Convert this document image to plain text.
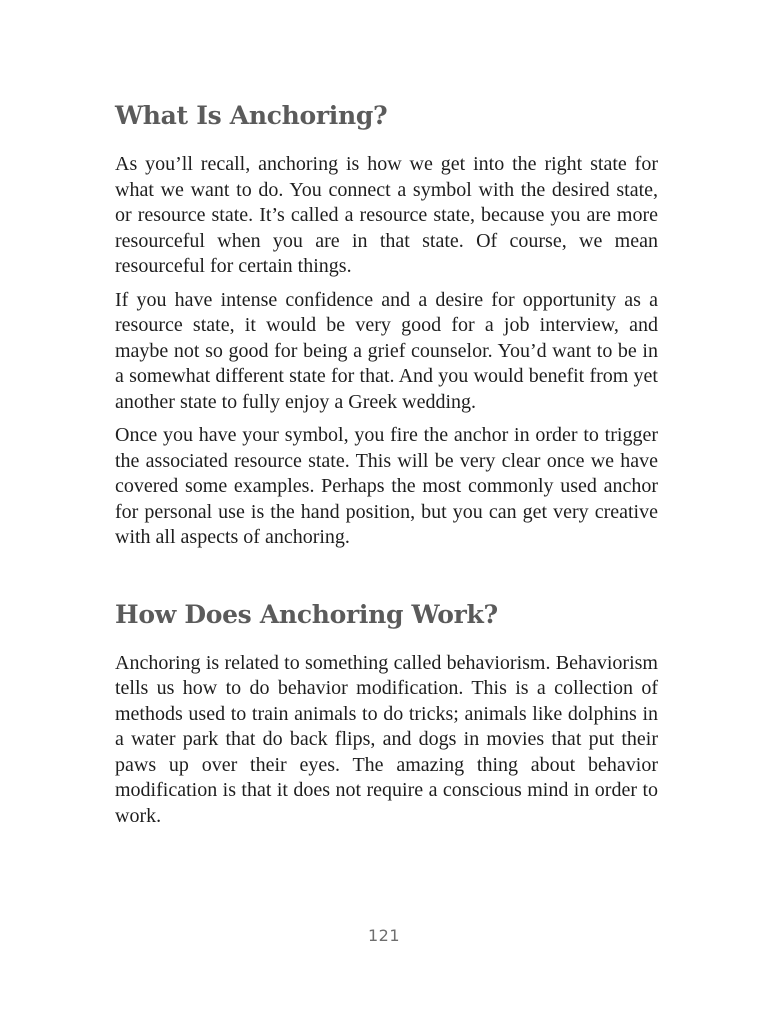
What Is Anchoring?

As you’ll recall, anchoring is how we get into the right state for what we want to do. You connect a symbol with the desired state, or resource state. It’s called a resource state, because you are more resourceful when you are in that state. Of course, we mean resourceful for certain things.

If you have intense confidence and a desire for opportunity as a resource state, it would be very good for a job interview, and maybe not so good for being a grief counselor. You’d want to be in a somewhat different state for that. And you would benefit from yet another state to fully enjoy a Greek wedding.

Once you have your symbol, you fire the anchor in order to trigger the associated resource state. This will be very clear once we have covered some examples. Perhaps the most commonly used anchor for personal use is the hand position, but you can get very creative with all aspects of anchoring.

How Does Anchoring Work?

Anchoring is related to something called behaviorism. Behaviorism tells us how to do behavior modification. This is a collection of methods used to train animals to do tricks; animals like dolphins in a water park that do back flips, and dogs in movies that put their paws up over their eyes. The amazing thing about behavior modification is that it does not require a conscious mind in order to work.

121
